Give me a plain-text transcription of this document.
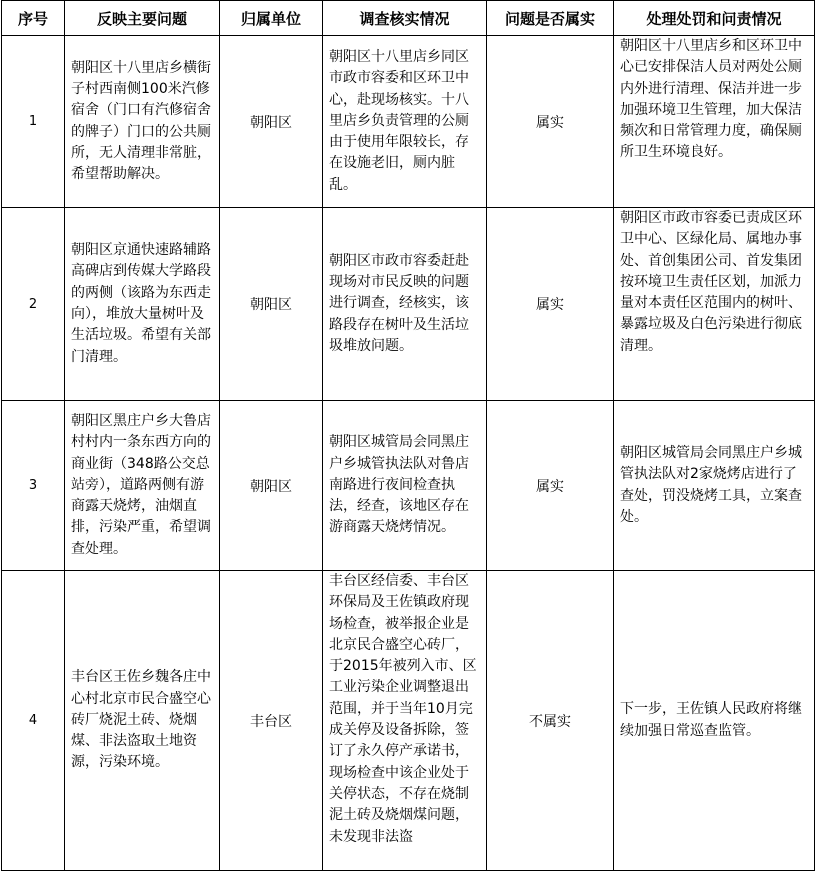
序号	反映主要问题	归属单位	调查核实情况	问题是否属实	处理处罚和问责情况
1	朝阳区十八里店乡横街子村西南侧100米汽修宿舍（门口有汽修宿舍的牌子）门口的公共厕所，无人清理非常脏，希望帮助解决。	朝阳区	朝阳区十八里店乡同区市政市容委和区环卫中心，赴现场核实。十八里店乡负责管理的公厕由于使用年限较长，存在设施老旧，厕内脏乱。	属实	朝阳区十八里店乡和区环卫中心已安排保洁人员对两处公厕内外进行清理、保洁并进一步加强环境卫生管理，加大保洁频次和日常管理力度，确保厕所卫生环境良好。
2	朝阳区京通快速路辅路高碑店到传媒大学路段的两侧（该路为东西走向），堆放大量树叶及生活垃圾。希望有关部门清理。	朝阳区	朝阳区市政市容委赶赴现场对市民反映的问题进行调查，经核实，该路段存在树叶及生活垃圾堆放问题。	属实	朝阳区市政市容委已责成区环卫中心、区绿化局、属地办事处、首创集团公司、首发集团按环境卫生责任区划，加派力量对本责任区范围内的树叶、暴露垃圾及白色污染进行彻底清理。
3	朝阳区黑庄户乡大鲁店村村内一条东西方向的商业街（348路公交总站旁），道路两侧有游商露天烧烤，油烟直排，污染严重，希望调查处理。	朝阳区	朝阳区城管局会同黑庄户乡城管执法队对鲁店南路进行夜间检查执法，经查，该地区存在游商露天烧烤情况。	属实	朝阳区城管局会同黑庄户乡城管执法队对2家烧烤店进行了查处，罚没烧烤工具，立案查处。
4	丰台区王佐乡魏各庄中心村北京市民合盛空心砖厂烧泥土砖、烧烟煤、非法盗取土地资源，污染环境。	丰台区	丰台区经信委、丰台区环保局及王佐镇政府现场检查，被举报企业是北京民合盛空心砖厂，于2015年被列入市、区工业污染企业调整退出范围，并于当年10月完成关停及设备拆除，签订了永久停产承诺书，现场检查中该企业处于关停状态，不存在烧制泥土砖及烧烟煤问题，未发现非法盗	不属实	下一步，王佐镇人民政府将继续加强日常巡查监管。
